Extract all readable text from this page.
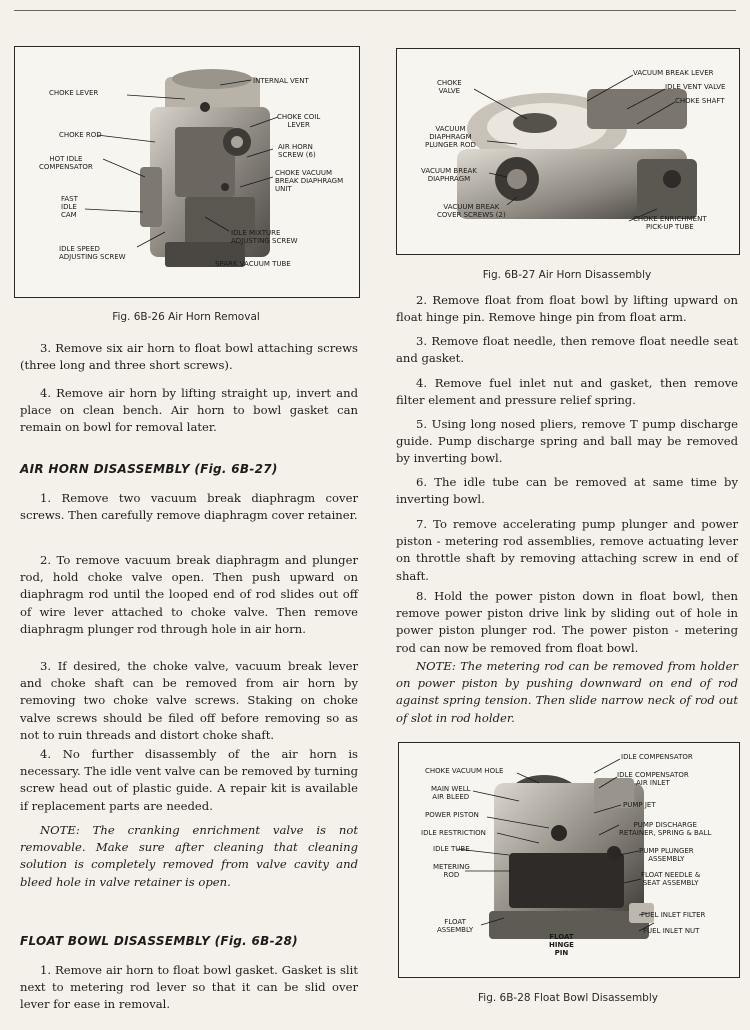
INTERNAL VENT
CHOKE LEVER
CHOKE COIL
LEVER
CHOKE ROD
AIR HORN
SCREW (6)
HOT IDLE
COMPENSATOR
CHOKE VACUUM
BREAK DIAPHRAGM
UNIT
FAST
IDLE
CAM
IDLE MIXTURE
ADJUSTING SCREW
IDLE SPEED
ADJUSTING SCREW
SPARK VACUUM TUBE
Fig. 6B-26 Air Horn Removal

3. Remove six air horn to float bowl attaching screws (three long and three short screws).

4. Remove air horn by lifting straight up, invert and place on clean bench. Air horn to bowl gasket can remain on bowl for removal later.

AIR HORN DISASSEMBLY (Fig. 6B-27)

1. Remove two vacuum break diaphragm cover screws. Then carefully remove diaphragm cover retainer.

2. To remove vacuum break diaphragm and plunger rod, hold choke valve open. Then push upward on diaphragm rod until the looped end of rod slides out off of wire lever attached to choke valve. Then remove diaphragm plunger rod through hole in air horn.

3. If desired, the choke valve, vacuum break lever and choke shaft can be removed from air horn by removing two choke valve screws. Staking on choke valve screws should be filed off before removing so as not to ruin threads and distort choke shaft.

4. No further disassembly of the air horn is necessary. The idle vent valve can be removed by turning screw head out of plastic guide. A repair kit is available if replacement parts are needed.

NOTE: The cranking enrichment valve is not removable. Make sure after cleaning that cleaning solution is completely removed from valve cavity and bleed hole in valve retainer is open.

FLOAT BOWL DISASSEMBLY (Fig. 6B-28)

1. Remove air horn to float bowl gasket. Gasket is slit next to metering rod lever so that it can be slid over lever for ease in removal.

VACUUM BREAK LEVER
CHOKE
VALVE	IDLE VENT VALVE
CHOKE SHAFT
VACUUM
DIAPHRAGM
PLUNGER ROD
VACUUM BREAK
DIAPHRAGM
VACUUM BREAK
COVER SCREWS (2)	CHOKE ENRICHMENT
PICK-UP TUBE
Fig. 6B-27 Air Horn Disassembly

2. Remove float from float bowl by lifting upward on float hinge pin. Remove hinge pin from float arm.

3. Remove float needle, then remove float needle seat and gasket.

4. Remove fuel inlet nut and gasket, then remove filter element and pressure relief spring.

5. Using long nosed pliers, remove T pump discharge guide. Pump discharge spring and ball may be removed by inverting bowl.

6. The idle tube can be removed at same time by inverting bowl.

7. To remove accelerating pump plunger and power piston - metering rod assemblies, remove actuating lever on throttle shaft by removing attaching screw in end of shaft.

8. Hold the power piston down in float bowl, then remove power piston drive link by sliding out of hole in power piston plunger rod. The power piston - metering rod can now be removed from float bowl.

NOTE: The metering rod can be removed from holder on power piston by pushing downward on end of rod against spring tension. Then slide narrow neck of rod out of slot in rod holder.

IDLE COMPENSATOR
CHOKE VACUUM HOLE	IDLE COMPENSATOR
AIR INLET
MAIN WELL
AIR BLEED
PUMP JET
POWER PISTON
PUMP DISCHARGE
RETAINER, SPRING & BALL
IDLE RESTRICTION
IDLE TUBE	PUMP PLUNGER
ASSEMBLY
METERING
ROD	FLOAT NEEDLE &
SEAT ASSEMBLY
FUEL INLET FILTER
FLOAT
ASSEMBLY
FLOAT
HINGE
PIN
FUEL INLET NUT
Fig. 6B-28 Float Bowl Disassembly
